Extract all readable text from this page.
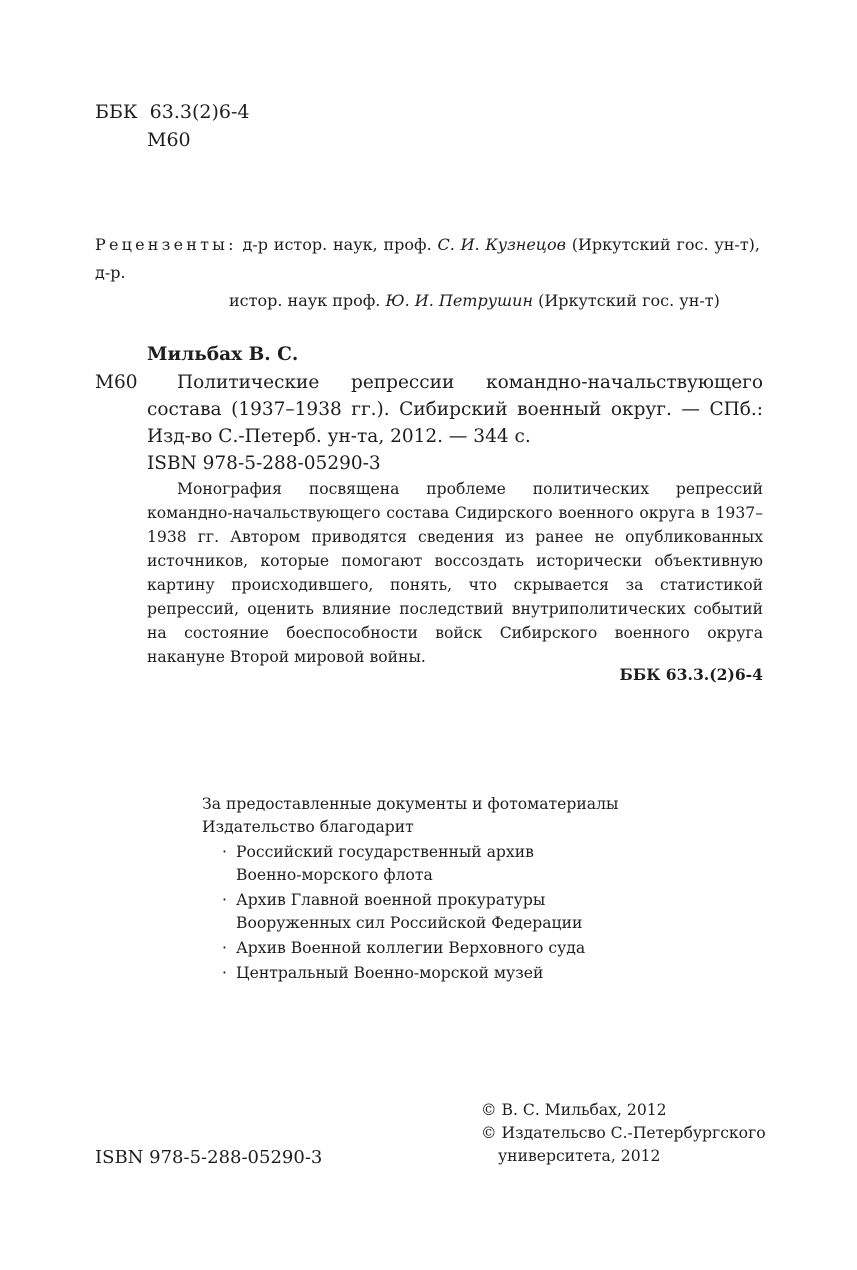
ББК 63.3(2)6-4
М60
Рецензенты: д-р истор. наук, проф. С. И. Кузнецов (Иркутский гос. ун-т), д-р.
истор. наук проф. Ю. И. Петрушин (Иркутский гос. ун-т)
Мильбах В. С.
М60	Политические репрессии командно-начальствующего состава (1937–1938 гг.). Сибирский военный округ. — СПб.: Изд-во С.-Петерб. ун-та, 2012. — 344 с.
ISBN 978-5-288-05290-3
Монография посвящена проблеме политических репрессий командно-начальствующего состава Сидирского военного округа в 1937–1938 гг. Автором приводятся сведения из ранее не опубликованных источников, которые помогают воссоздать исторически объективную картину происходившего, понять, что скрывается за статистикой репрессий, оценить влияние последствий внутриполитических событий на состояние боеспособности войск Сибирского военного округа накануне Второй мировой войны.
ББК 63.3.(2)6-4
За предоставленные документы и фотоматериалы
Издательство благодарит
· Российский государственный архив
Военно-морского флота
· Архив Главной военной прокуратуры
Вооруженных сил Российской Федерации
· Архив Военной коллегии Верховного суда
· Центральный Военно-морской музей
© В. С. Мильбах, 2012
© Издательсво С.-Петербургского
университета, 2012
ISBN 978-5-288-05290-3
